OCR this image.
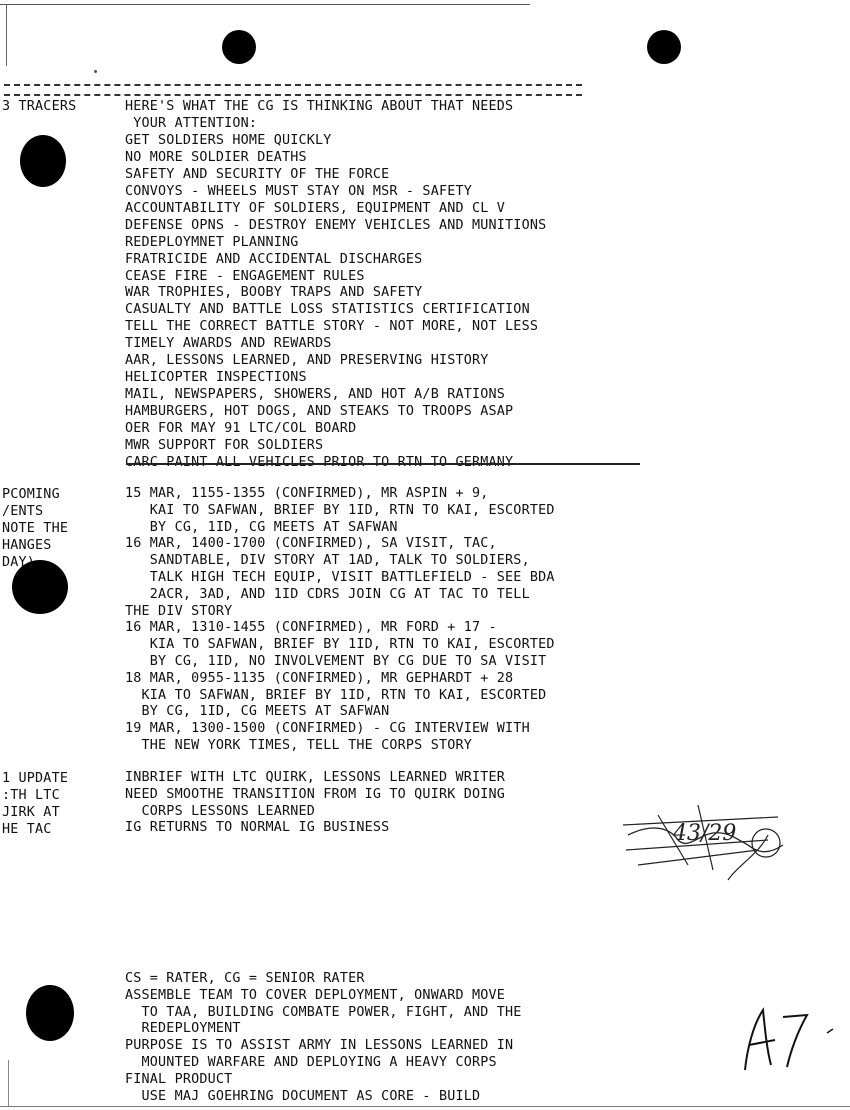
3 TRACERS
PCOMING
/ENTS
NOTE THE
HANGES
DAY)
1 UPDATE
:TH LTC
JIRK AT
HE TAC
HERE'S WHAT THE CG IS THINKING ABOUT THAT NEEDS
YOUR ATTENTION:
GET SOLDIERS HOME QUICKLY
NO MORE SOLDIER DEATHS
SAFETY AND SECURITY OF THE FORCE
CONVOYS - WHEELS MUST STAY ON MSR - SAFETY
ACCOUNTABILITY OF SOLDIERS, EQUIPMENT AND CL V
DEFENSE OPNS - DESTROY ENEMY VEHICLES AND MUNITIONS
REDEPLOYMNET PLANNING
FRATRICIDE AND ACCIDENTAL DISCHARGES
CEASE FIRE - ENGAGEMENT RULES
WAR TROPHIES, BOOBY TRAPS AND SAFETY
CASUALTY AND BATTLE LOSS STATISTICS CERTIFICATION
TELL THE CORRECT BATTLE STORY - NOT MORE, NOT LESS
TIMELY AWARDS AND REWARDS
AAR, LESSONS LEARNED, AND PRESERVING HISTORY
HELICOPTER INSPECTIONS
MAIL, NEWSPAPERS, SHOWERS, AND HOT A/B RATIONS
HAMBURGERS, HOT DOGS, AND STEAKS TO TROOPS ASAP
OER FOR MAY 91 LTC/COL BOARD
MWR SUPPORT FOR SOLDIERS
CARC PAINT ALL VEHICLES PRIOR TO RTN TO GERMANY
15 MAR, 1155-1355 (CONFIRMED), MR ASPIN + 9,
KAI TO SAFWAN, BRIEF BY 1ID, RTN TO KAI, ESCORTED
BY CG, 1ID, CG MEETS AT SAFWAN
16 MAR, 1400-1700 (CONFIRMED), SA VISIT, TAC,
SANDTABLE, DIV STORY AT 1AD, TALK TO SOLDIERS,
TALK HIGH TECH EQUIP, VISIT BATTLEFIELD - SEE BDA
2ACR, 3AD, AND 1ID CDRS JOIN CG AT TAC TO TELL
THE DIV STORY
16 MAR, 1310-1455 (CONFIRMED), MR FORD + 17 -
KIA TO SAFWAN, BRIEF BY 1ID, RTN TO KAI, ESCORTED
BY CG, 1ID, NO INVOLVEMENT BY CG DUE TO SA VISIT
18 MAR, 0955-1135 (CONFIRMED), MR GEPHARDT + 28
KIA TO SAFWAN, BRIEF BY 1ID, RTN TO KAI, ESCORTED
BY CG, 1ID, CG MEETS AT SAFWAN
19 MAR, 1300-1500 (CONFIRMED) - CG INTERVIEW WITH
THE NEW YORK TIMES, TELL THE CORPS STORY
INBRIEF WITH LTC QUIRK, LESSONS LEARNED WRITER
NEED SMOOTHE TRANSITION FROM IG TO QUIRK DOING
CORPS LESSONS LEARNED
IG RETURNS TO NORMAL IG BUSINESS
CS = RATER, CG = SENIOR RATER
ASSEMBLE TEAM TO COVER DEPLOYMENT, ONWARD MOVE
TO TAA, BUILDING COMBATE POWER, FIGHT, AND THE
REDEPLOYMENT
PURPOSE IS TO ASSIST ARMY IN LESSONS LEARNED IN
MOUNTED WARFARE AND DEPLOYING A HEAVY CORPS
FINAL PRODUCT
USE MAJ GOEHRING DOCUMENT AS CORE - BUILD
43/29
